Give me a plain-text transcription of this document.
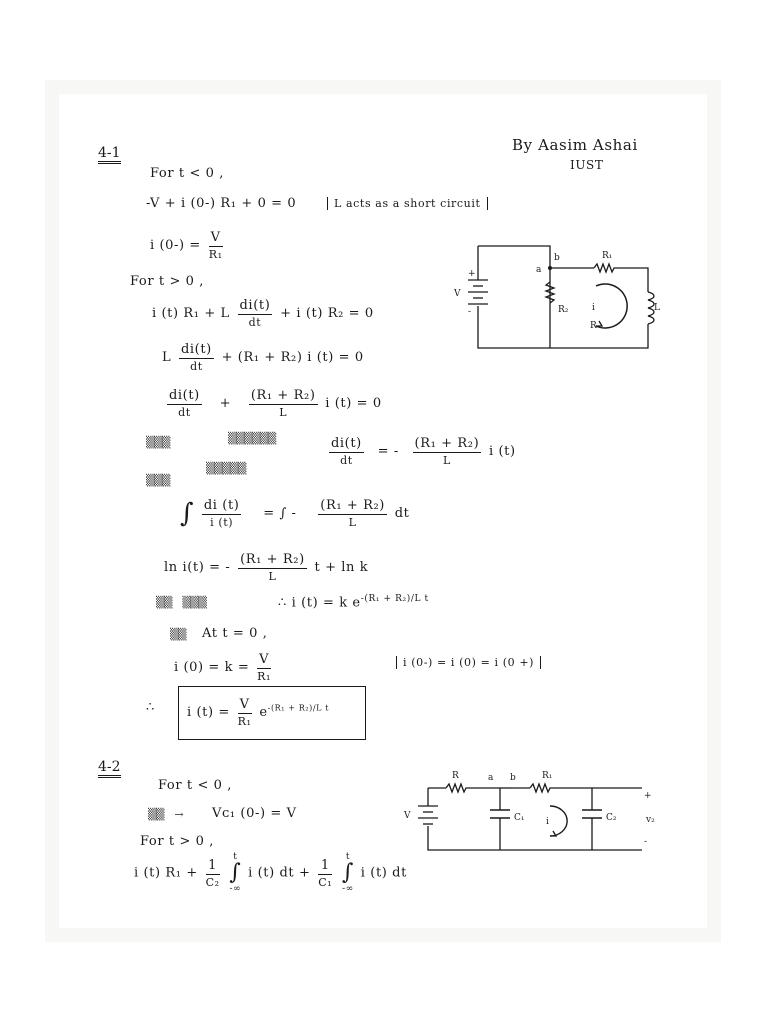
By Aasim Ashai
IUST
4-1
For t < 0 ,
-V + i (0-) R₁ + 0 = 0	L acts as a short circuit
i $(0-) = \frac{V}{\text{R₁}}$
For t > 0 ,
i (t) R₁ + L $\frac{di(t)}{dt} + i$ (t) R₂ = 0
L $\frac{di(t)}{dt} + (R_1 + R_2)$ i (t) = 0
$\frac{di(t)}{dt} + \frac{\text{(R₁ + R₂)}}{L}$ i (t) = 0
▒▒▒	▒▒▒▒▒▒
▒▒▒▒▒
▒▒▒
$\frac{di(t)}{dt}$ = - $\frac{\text{(R₁ + R₂)}}{L}$ i (t)
∫ $\frac{di (t)}{i (t)}$ = ∫ - $\frac{\text{(R₁ + R₂)}}{L}$ dt
ln i(t) = - $\frac{\text{(R₁ + R₂)}}{L}$ t + ln k
▒▒ ▒▒▒	∴ i (t) = k $e^{-(R_1 + R_2)/L t}$
▒▒ At t = 0 ,
i $(0) = k = \frac{V}{\text{R₁}}$	i (0-) = i (0) = i (0 +)
∴ i $(t) = \frac{V}{\text{R₁}} e^{-(R_1 + R_2)/L t}$
V
+
-
a
b	R₁
R₂	L
i
R
4-2
For t < 0 ,
▒▒ → Vᴄ₁ (0-) = V
For t > 0 ,
i (t) $R_1 + \frac{1}{\text{C₂}}$

t
∫
-∞
i (t) dt + $\frac{1}{\text{C₁}}$

t
∫
-∞
i (t) dt
V
R	R₁
a b
C₁	C₂
i
+
v₂
-
